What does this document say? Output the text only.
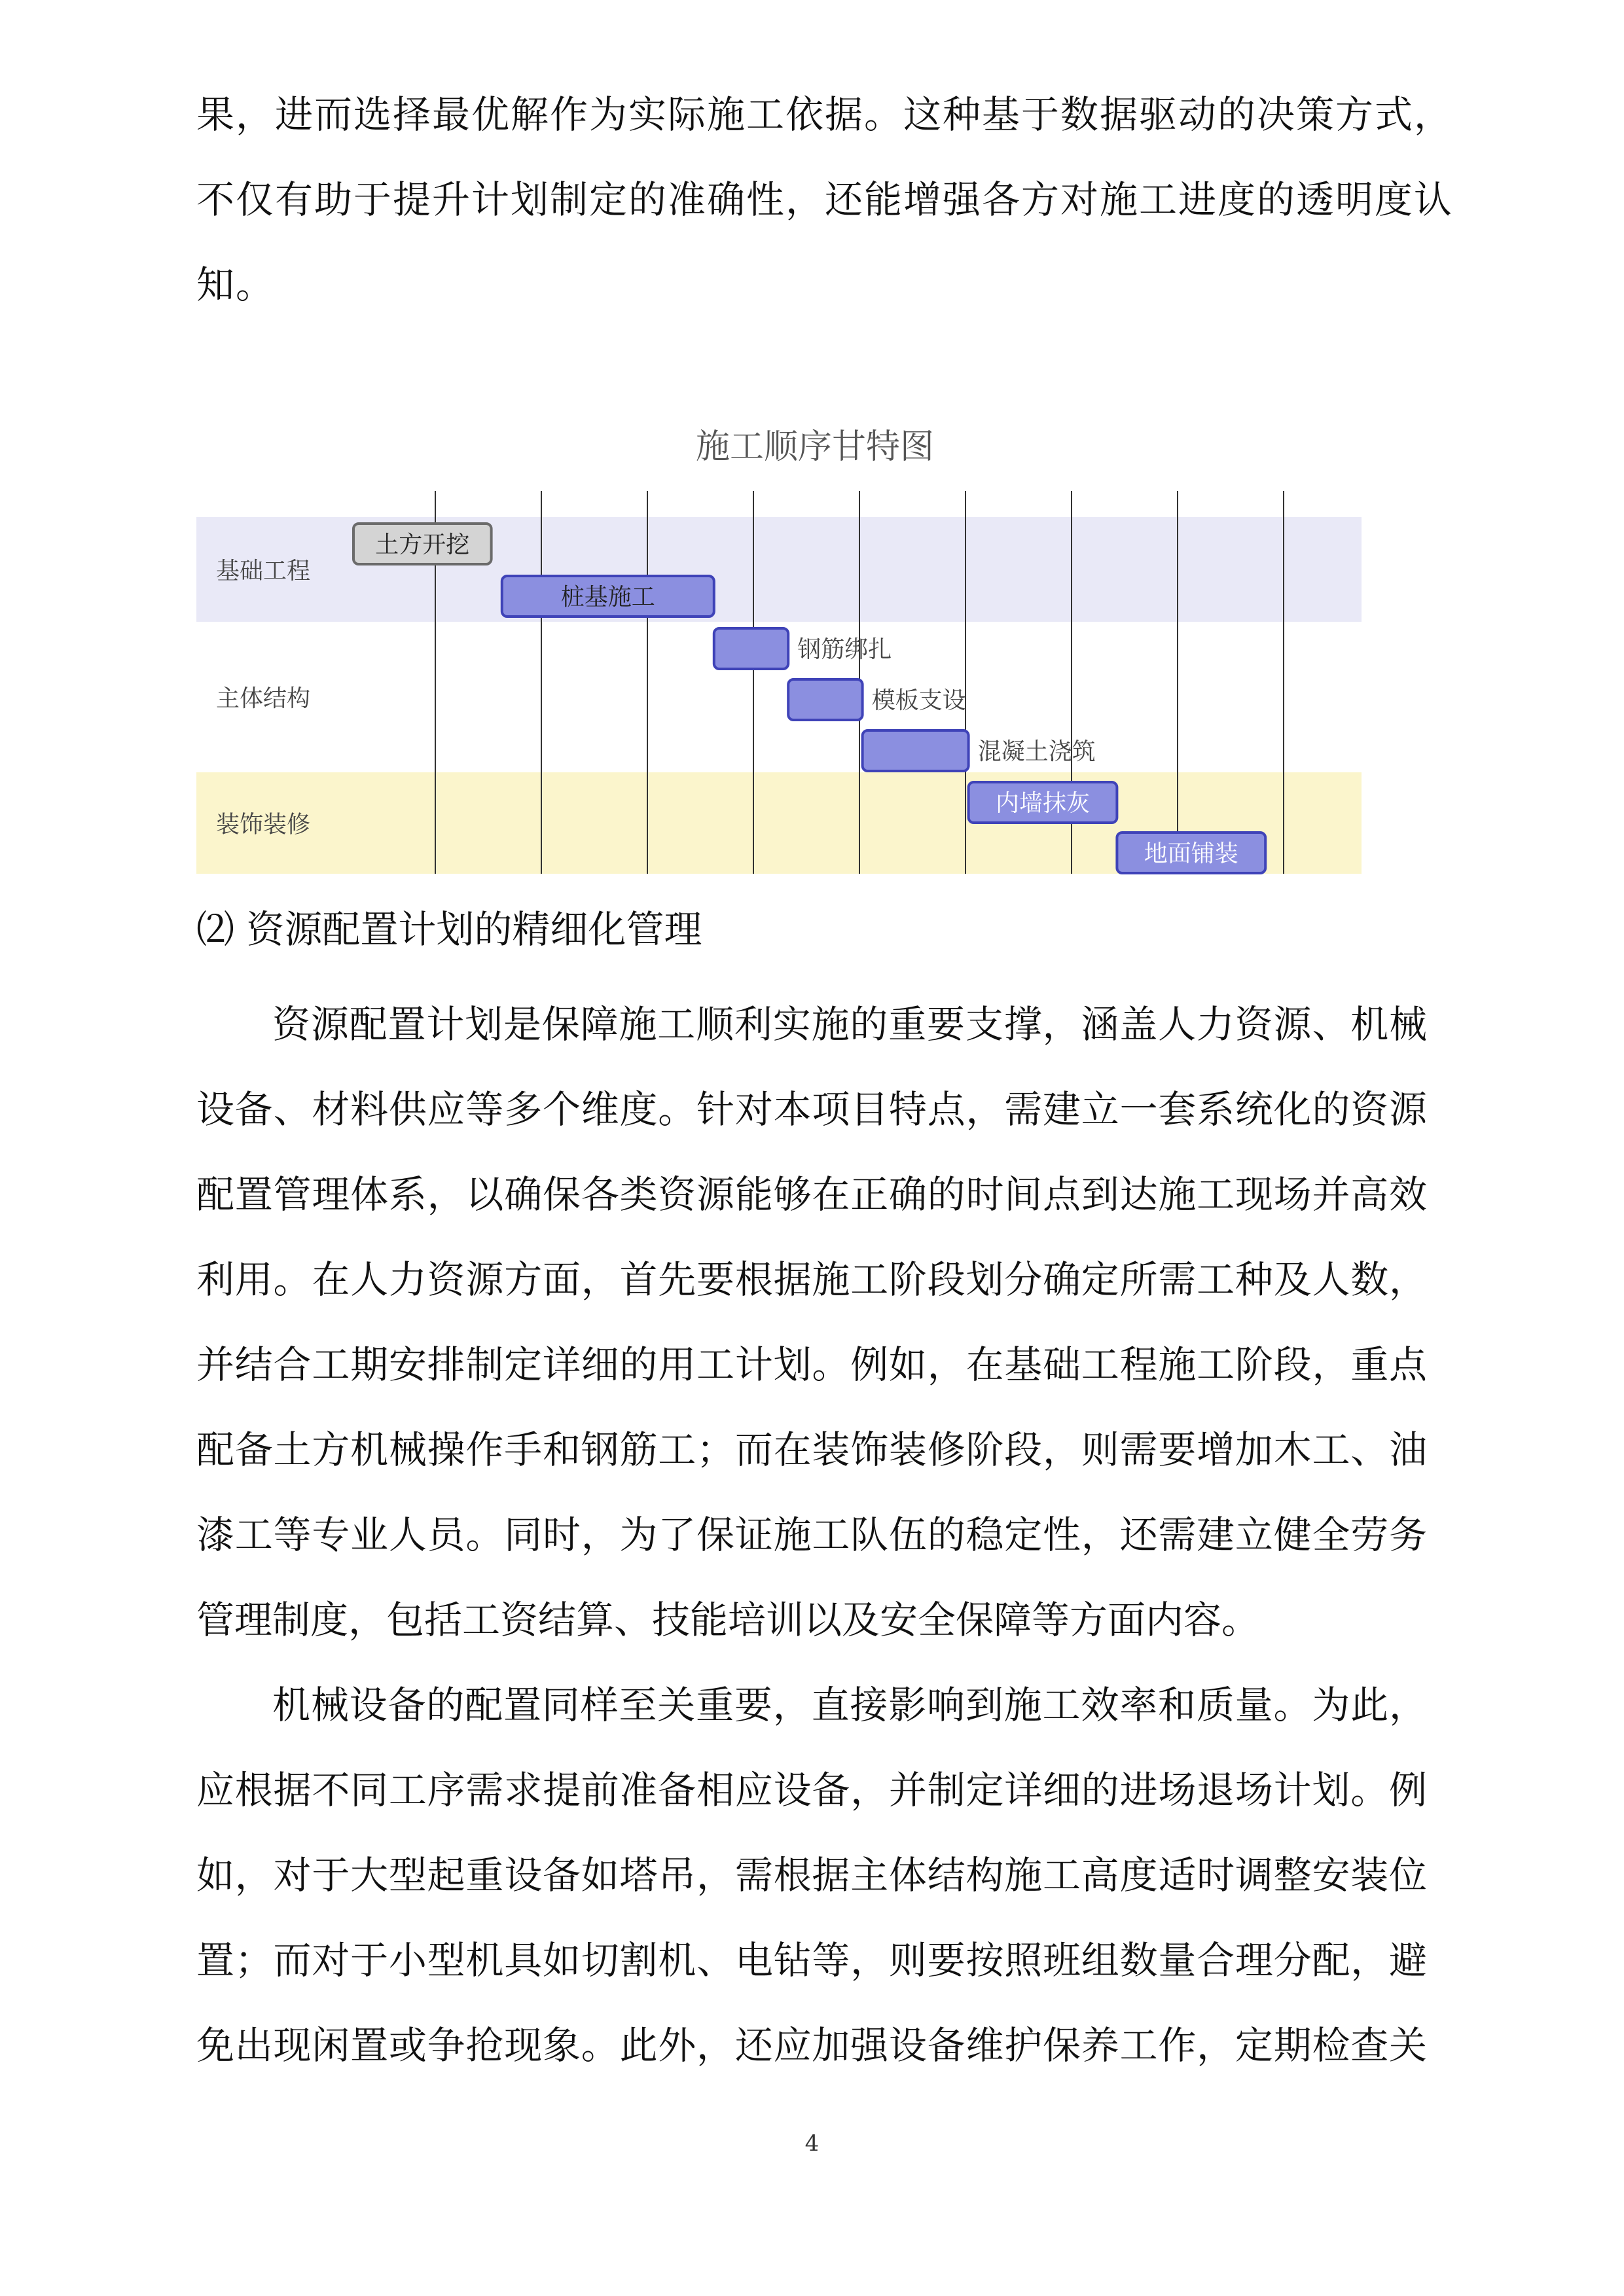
果，进而选择最优解作为实际施工依据。这种基于数据驱动的决策方式，
不仅有助于提升计划制定的准确性，还能增强各方对施工进度的透明度认
知。
施工顺序甘特图
基础工程
主体结构
装饰装修
土方开挖
桩基施工
钢筋绑扎
模板支设
混凝土浇筑
内墙抹灰
地面铺装
⑵ 资源配置计划的精细化管理
资源配置计划是保障施工顺利实施的重要支撑，涵盖人力资源、机械
设备、材料供应等多个维度。针对本项目特点，需建立一套系统化的资源
配置管理体系，以确保各类资源能够在正确的时间点到达施工现场并高效
利用。在人力资源方面，首先要根据施工阶段划分确定所需工种及人数，
并结合工期安排制定详细的用工计划。例如，在基础工程施工阶段，重点
配备土方机械操作手和钢筋工；而在装饰装修阶段，则需要增加木工、油
漆工等专业人员。同时，为了保证施工队伍的稳定性，还需建立健全劳务
管理制度，包括工资结算、技能培训以及安全保障等方面内容。
机械设备的配置同样至关重要，直接影响到施工效率和质量。为此，
应根据不同工序需求提前准备相应设备，并制定详细的进场退场计划。例
如，对于大型起重设备如塔吊，需根据主体结构施工高度适时调整安装位
置；而对于小型机具如切割机、电钻等，则要按照班组数量合理分配，避
免出现闲置或争抢现象。此外，还应加强设备维护保养工作，定期检查关
4
